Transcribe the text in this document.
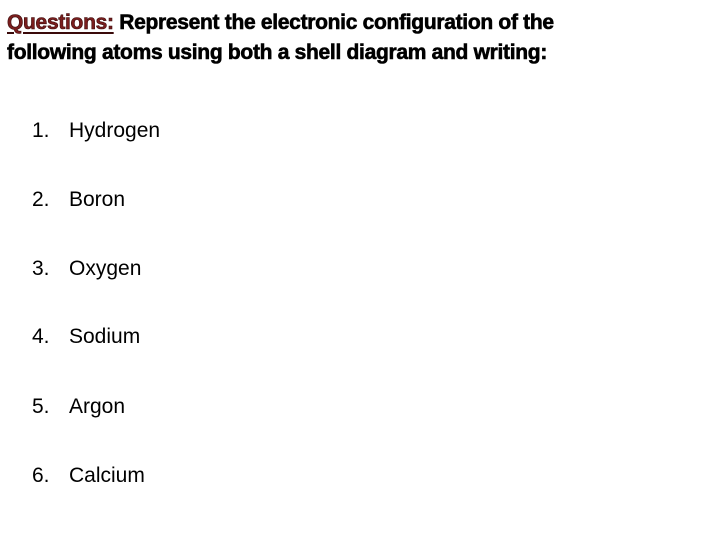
Questions: Represent the electronic configuration of the
following atoms using both a shell diagram and writing:
1. Hydrogen
2. Boron
3. Oxygen
4. Sodium
5. Argon
6. Calcium
